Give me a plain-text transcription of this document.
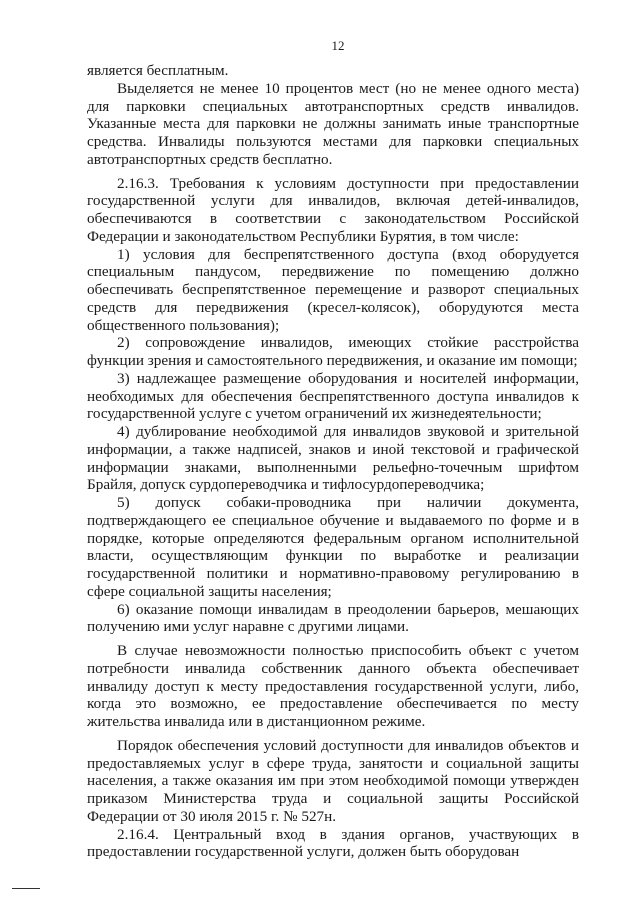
12

является бесплатным.

Выделяется не менее 10 процентов мест (но не менее одного места) для парковки специальных автотранспортных средств инвалидов. Указанные места для парковки не должны занимать иные транспортные средства. Инвалиды пользуются местами для парковки специальных автотранспортных средств бесплатно.

2.16.3. Требования к условиям доступности при предоставлении государственной услуги для инвалидов, включая детей-инвалидов, обеспечиваются в соответствии с законодательством Российской Федерации и законодательством Республики Бурятия, в том числе:

1) условия для беспрепятственного доступа (вход оборудуется специальным пандусом, передвижение по помещению должно обеспечивать беспрепятственное перемещение и разворот специальных средств для передвижения (кресел-колясок), оборудуются места общественного пользования);

2) сопровождение инвалидов, имеющих стойкие расстройства функции зрения и самостоятельного передвижения, и оказание им помощи;

3) надлежащее размещение оборудования и носителей информации, необходимых для обеспечения беспрепятственного доступа инвалидов к государственной услуге с учетом ограничений их жизнедеятельности;

4) дублирование необходимой для инвалидов звуковой и зрительной информации, а также надписей, знаков и иной текстовой и графической информации знаками, выполненными рельефно-точечным шрифтом Брайля, допуск сурдопереводчика и тифлосурдопереводчика;

5) допуск собаки-проводника при наличии документа, подтверждающего ее специальное обучение и выдаваемого по форме и в порядке, которые определяются федеральным органом исполнительной власти, осуществляющим функции по выработке и реализации государственной политики и нормативно-правовому регулированию в сфере социальной защиты населения;

6) оказание помощи инвалидам в преодолении барьеров, мешающих получению ими услуг наравне с другими лицами.

В случае невозможности полностью приспособить объект с учетом потребности инвалида собственник данного объекта обеспечивает инвалиду доступ к месту предоставления государственной услуги, либо, когда это возможно, ее предоставление обеспечивается по месту жительства инвалида или в дистанционном режиме.

Порядок обеспечения условий доступности для инвалидов объектов и предоставляемых услуг в сфере труда, занятости и социальной защиты населения, а также оказания им при этом необходимой помощи утвержден приказом Министерства труда и социальной защиты Российской Федерации от 30 июля 2015 г. № 527н.

2.16.4. Центральный вход в здания органов, участвующих в предоставлении государственной услуги, должен быть оборудован
